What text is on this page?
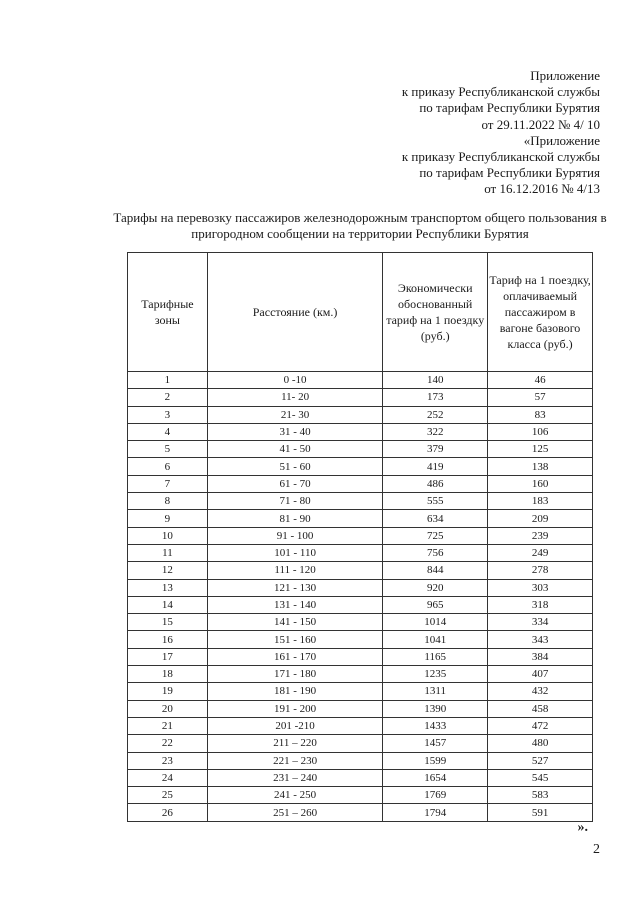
Приложение
к приказу Республиканской службы
по тарифам Республики Бурятия
от 29.11.2022 № 4/ 10
«Приложение
к приказу Республиканской службы
по тарифам Республики Бурятия
от 16.12.2016 № 4/13
Тарифы на перевозку пассажиров железнодорожным транспортом общего пользования в
пригородном сообщении на территории Республики Бурятия
Тарифные зоны	Расстояние (км.)	Экономически обоснованный тариф на 1 поездку (руб.)	Тариф на 1 поездку, оплачиваемый пассажиром в вагоне базового класса (руб.)
1	0 -10	140	46
2	11- 20	173	57
3	21- 30	252	83
4	31 - 40	322	106
5	41 - 50	379	125
6	51 - 60	419	138
7	61 - 70	486	160
8	71 - 80	555	183
9	81 - 90	634	209
10	91 - 100	725	239
11	101 - 110	756	249
12	111 - 120	844	278
13	121 - 130	920	303
14	131 - 140	965	318
15	141 - 150	1014	334
16	151 - 160	1041	343
17	161 - 170	1165	384
18	171 - 180	1235	407
19	181 - 190	1311	432
20	191 - 200	1390	458
21	201 -210	1433	472
22	211 – 220	1457	480
23	221 – 230	1599	527
24	231 – 240	1654	545
25	241 - 250	1769	583
26	251 – 260	1794	591
».
2
